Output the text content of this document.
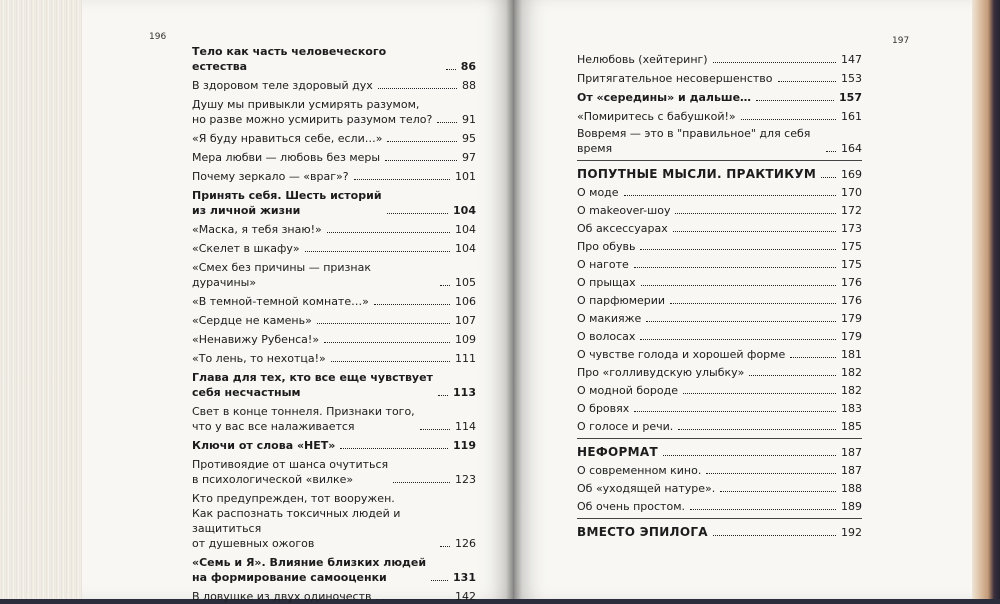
196	197
Тело как часть человеческого естества	86
В здоровом теле здоровый дух	88
Душу мы привыкли усмирять разумом,
но разве можно усмирить разумом тело?	91
«Я буду нравиться себе, если…»	95
Мера любви — любовь без меры	97
Почему зеркало — «враг»?	101
Принять себя. Шесть историй
из личной жизни	104
«Маска, я тебя знаю!»	104
«Скелет в шкафу»	104
«Смех без причины — признак дурачины»	105
«В темной-темной комнате…»	106
«Сердце не камень»	107
«Ненавижу Рубенса!»	109
«То лень, то нехотца!»	111
Глава для тех, кто все еще чувствует
себя несчастным	113
Свет в конце тоннеля. Признаки того,
что у вас все налаживается	114
Ключи от слова «НЕТ»	119
Противоядие от шанса очутиться
в психологической «вилке»	123
Кто предупрежден, тот вооружен.
Как распознать токсичных людей и защититься
от душевных ожогов	126
«Семь и Я». Влияние близких людей
на формирование самооценки	131
В ловушке из двух одиночеств	142
Нелюбовь (хейтеринг)	147
Притягательное несовершенство	153
От «середины» и дальше…	157
«Помиритесь с бабушкой!»	161
Вовремя — это в "правильное" для себя время	164
ПОПУТНЫЕ МЫСЛИ. ПРАКТИКУМ 169
О моде	170
О makeover-шоу	172
Об аксессуарах	173
Про обувь	175
О наготе	175
О прыщах	176
О парфюмерии	176
О макияже	179
О волосах	179
О чувстве голода и хорошей форме	181
Про «голливудскую улыбку»	182
О модной бороде	182
О бровях	183
О голосе и речи.	185
НЕФОРМАТ	187
О современном кино.	187
Об «уходящей натуре».	188
Об очень простом.	189
ВМЕСТО ЭПИЛОГА	192
